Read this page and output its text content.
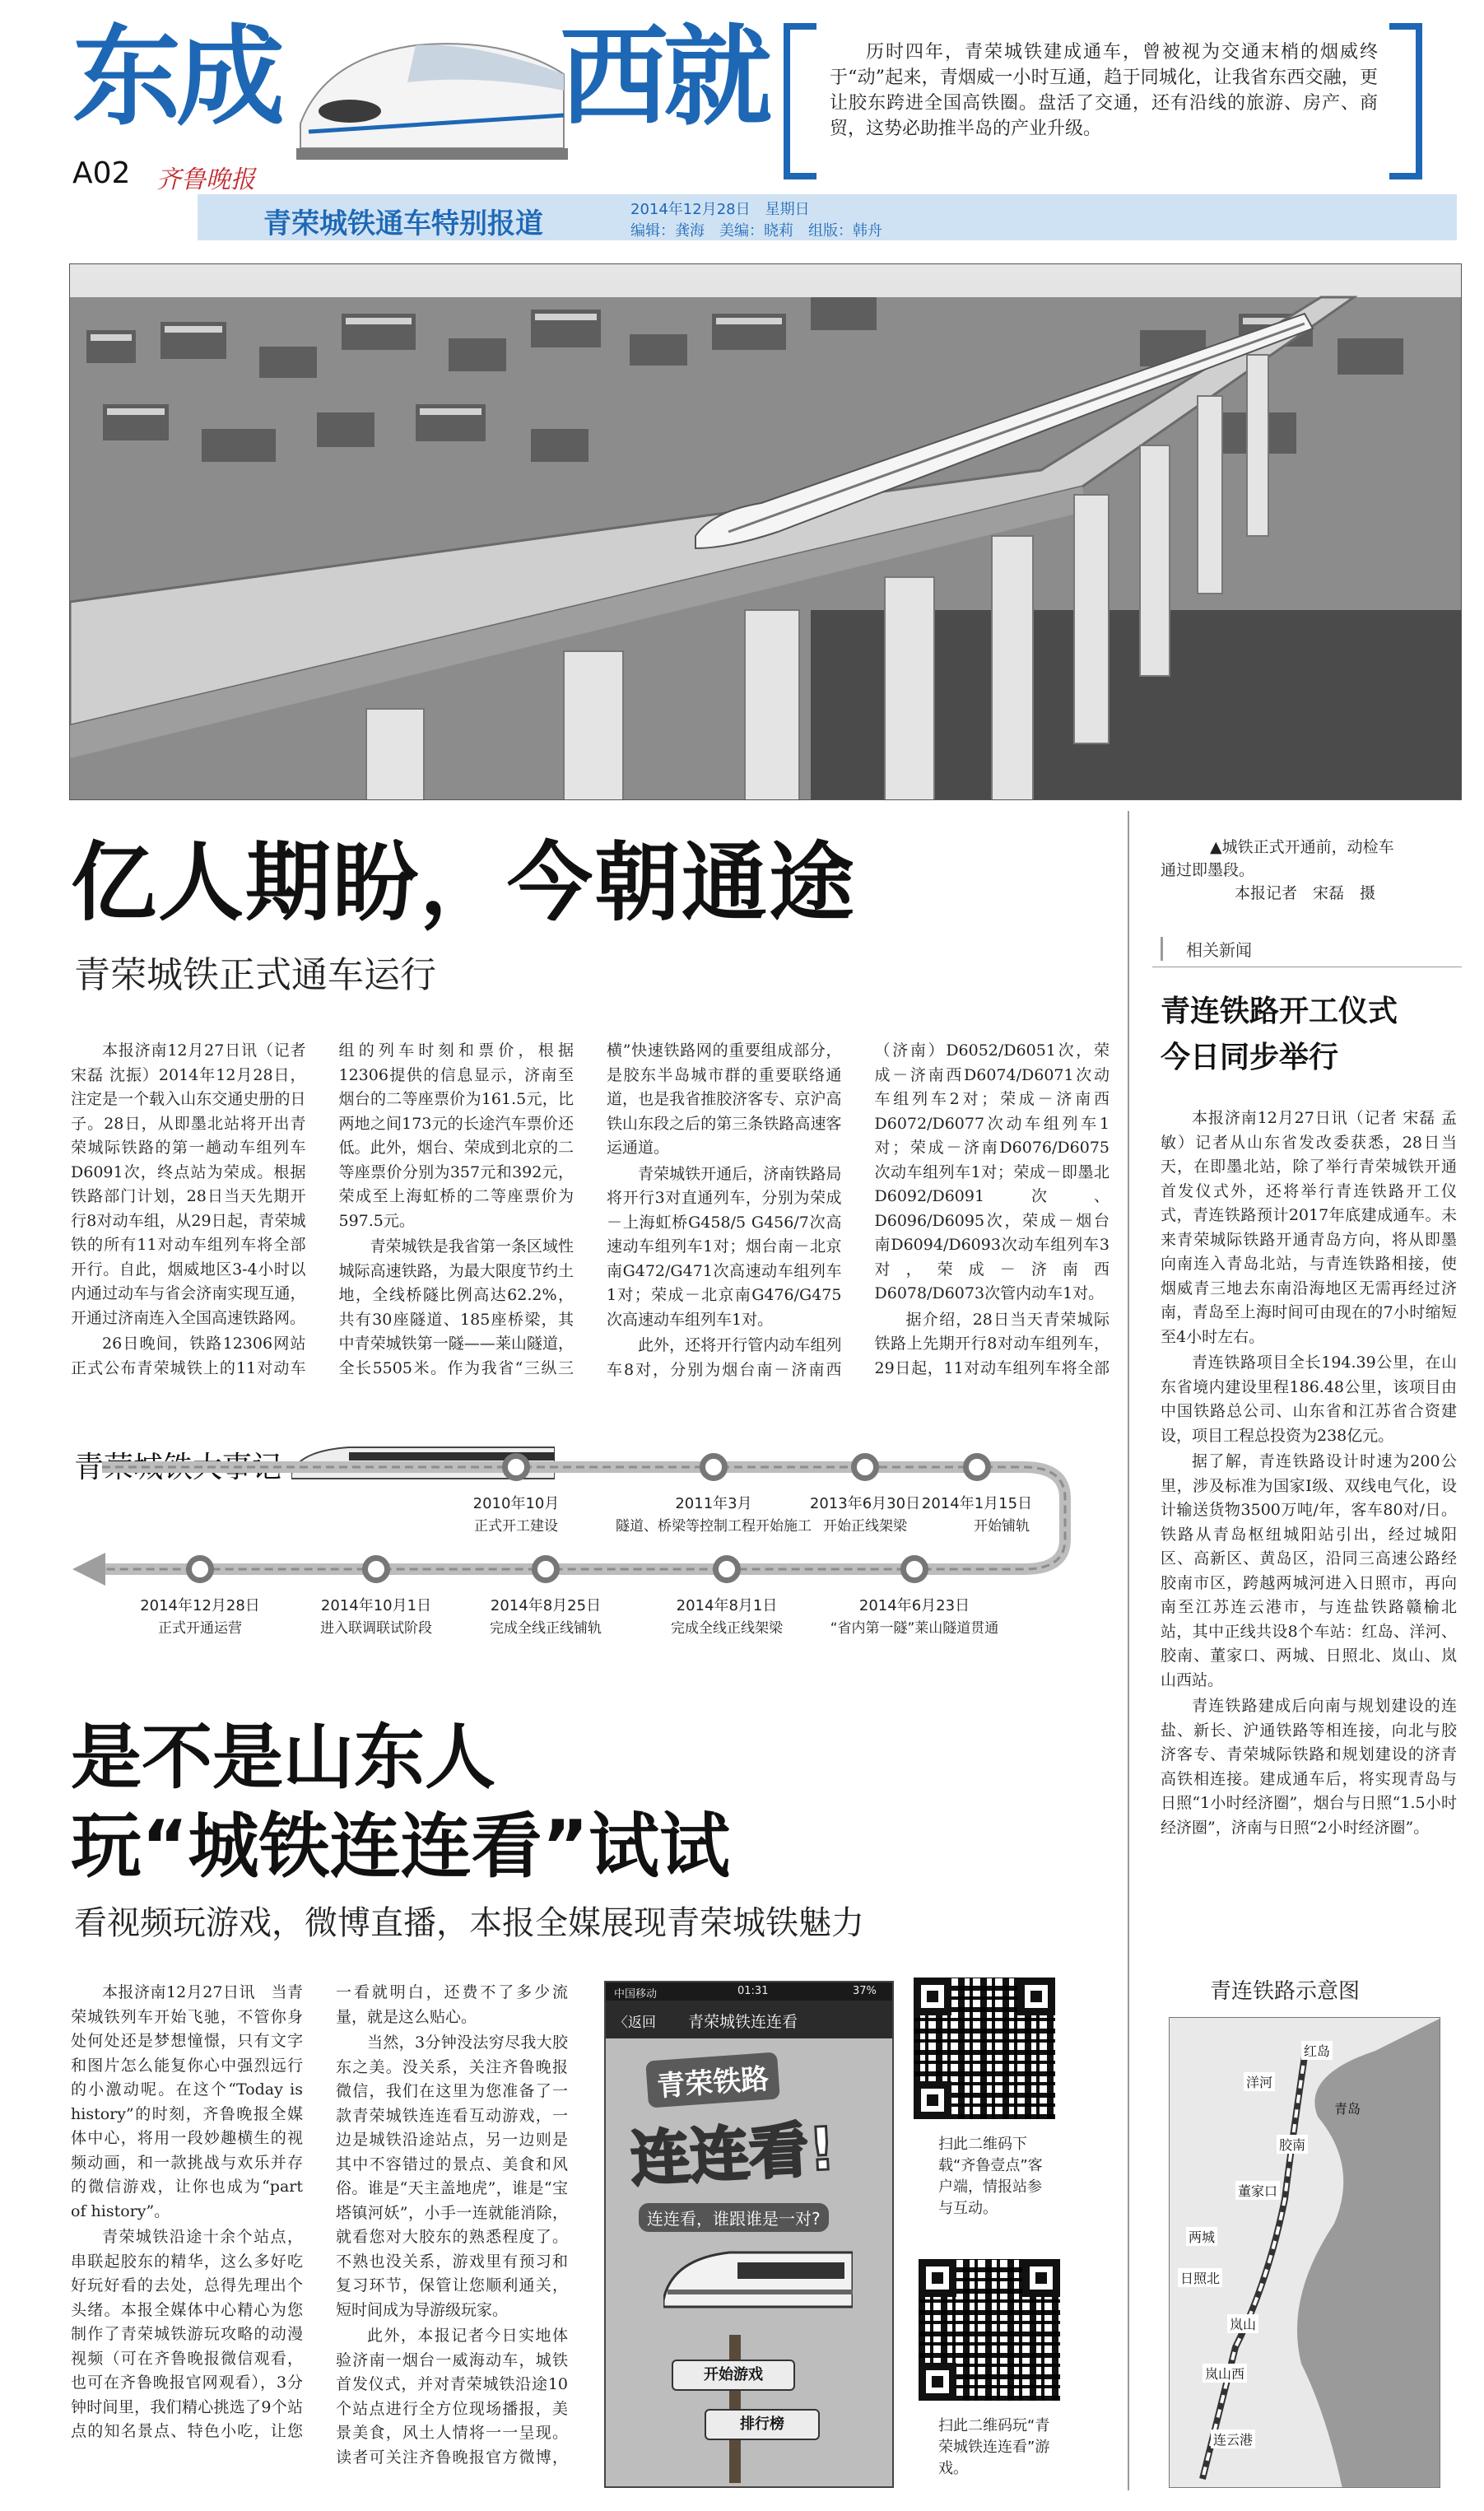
东成	西就
A02 齐鲁晚报
历时四年，青荣城铁建成通车，曾被视为交通末梢的烟威终于“动”起来，青烟威一小时互通，趋于同城化，让我省东西交融，更让胶东跨进全国高铁圈。盘活了交通，还有沿线的旅游、房产、商贸，这势必助推半岛的产业升级。
青荣城铁通车特别报道	2014年12月28日　星期日
编辑：龚海　美编：晓莉　组版：韩舟
亿人期盼，今朝通途
青荣城铁正式通车运行

本报济南12月27日讯（记者 宋磊 沈振）2014年12月28日，注定是一个载入山东交通史册的日子。28日，从即墨北站将开出青荣城际铁路的第一趟动车组列车D6091次，终点站为荣成。根据铁路部门计划，28日当天先期开行8对动车组，从29日起，青荣城铁的所有11对动车组列车将全部开行。自此，烟威地区3-4小时以内通过动车与省会济南实现互通，开通过济南连入全国高速铁路网。

26日晚间，铁路12306网站正式公布青荣城铁上的11对动车组的列车时刻和票价，根据12306提供的信息显示，济南至烟台的二等座票价为161.5元，比两地之间173元的长途汽车票价还低。此外，烟台、荣成到北京的二等座票价分别为357元和392元，荣成至上海虹桥的二等座票价为597.5元。

青荣城铁是我省第一条区域性城际高速铁路，为最大限度节约土地，全线桥隧比例高达62.2%，共有30座隧道、185座桥梁，其中青荣城铁第一隧——莱山隧道，全长5505米。作为我省“三纵三横”快速铁路网的重要组成部分，是胶东半岛城市群的重要联络通道，也是我省推胶济客专、京沪高铁山东段之后的第三条铁路高速客运通道。

青荣城铁开通后，济南铁路局将开行3对直通列车，分别为荣成－上海虹桥G458/5 G456/7次高速动车组列车1对；烟台南－北京南G472/G471次高速动车组列车1对；荣成－北京南G476/G475次高速动车组列车1对。

此外，还将开行管内动车组列车8对，分别为烟台南－济南西（济南）D6052/D6051次，荣成－济南西D6074/D6071次动车组列车2对；荣成－济南西D6072/D6077次动车组列车1对；荣成－济南D6076/D6075次动车组列车1对；荣成－即墨北D6092/D6091次、D6096/D6095次，荣成－烟台南D6094/D6093次动车组列车3对，荣成－济南西D6078/D6073次管内动车1对。

据介绍，28日当天青荣城际铁路上先期开行8对动车组列车，29日起，11对动车组列车将全部

青荣城铁大事记
2010年10月
正式开工建设
2011年3月
隧道、桥梁等控制工程开始施工
2013年6月30日
开始正线架梁
2014年1月15日
开始铺轨
2014年12月28日
正式开通运营
2014年10月1日
进入联调联试阶段
2014年8月25日
完成全线正线铺轨
2014年8月1日
完成全线正线架梁
2014年6月23日
“省内第一隧”莱山隧道贯通
是不是山东人
玩“城铁连连看”试试
看视频玩游戏，微博直播，本报全媒展现青荣城铁魅力

本报济南12月27日讯　当青荣城铁列车开始飞驰，不管你身处何处还是梦想憧憬，只有文字和图片怎么能复你心中强烈远行的小激动呢。在这个“Today is history”的时刻，齐鲁晚报全媒体中心，将用一段妙趣横生的视频动画，和一款挑战与欢乐并存的微信游戏，让你也成为“part of history”。

青荣城铁沿途十余个站点，串联起胶东的精华，这么多好吃好玩好看的去处，总得先理出个头绪。本报全媒体中心精心为您制作了青荣城铁游玩攻略的动漫视频（可在齐鲁晚报微信观看，也可在齐鲁晚报官网观看），3分钟时间里，我们精心挑选了9个站点的知名景点、特色小吃，让您一看就明白，还费不了多少流量，就是这么贴心。

当然，3分钟没法穷尽我大胶东之美。没关系，关注齐鲁晚报微信，我们在这里为您准备了一款青荣城铁连连看互动游戏，一边是城铁沿途站点，另一边则是其中不容错过的景点、美食和风俗。谁是“天主盖地虎”，谁是“宝塔镇河妖”，小手一连就能消除，就看您对大胶东的熟悉程度了。不熟也没关系，游戏里有预习和复习环节，保管让您顺利通关，短时间成为导游级玩家。

此外，本报记者今日实地体验济南一烟台一威海动车，城铁首发仪式，并对青荣城铁沿途10个站点进行全方位现场播报，美景美食，风土人情将一一呈现。读者可关注齐鲁晚报官方微博，

中国移动	01:31	37%
〈返回 青荣城铁连连看
青荣铁路
连连看!
连连看，谁跟谁是一对?
开始游戏
排行榜
扫此二维码下载“齐鲁壹点”客户端，情报站参与互动。
扫此二维码玩“青荣城铁连连看”游戏。
▲城铁正式开通前，动检车
通过即墨段。
本报记者　宋磊　摄
相关新闻
青连铁路开工仪式
今日同步举行

本报济南12月27日讯（记者 宋磊 孟敏）记者从山东省发改委获悉，28日当天，在即墨北站，除了举行青荣城铁开通首发仪式外，还将举行青连铁路开工仪式，青连铁路预计2017年底建成通车。未来青荣城际铁路开通青岛方向，将从即墨向南连入青岛北站，与青连铁路相接，使烟威青三地去东南沿海地区无需再经过济南，青岛至上海时间可由现在的7小时缩短至4小时左右。

青连铁路项目全长194.39公里，在山东省境内建设里程186.48公里，该项目由中国铁路总公司、山东省和江苏省合资建设，项目工程总投资为238亿元。

据了解，青连铁路设计时速为200公里，涉及标准为国家I级、双线电气化，设计输送货物3500万吨/年，客车80对/日。铁路从青岛枢纽城阳站引出，经过城阳区、高新区、黄岛区，沿同三高速公路经胶南市区，跨越两城河进入日照市，再向南至江苏连云港市，与连盐铁路赣榆北站，其中正线共设8个车站：红岛、洋河、胶南、董家口、两城、日照北、岚山、岚山西站。

青连铁路建成后向南与规划建设的连盐、新长、沪通铁路等相连接，向北与胶济客专、青荣城际铁路和规划建设的济青高铁相连接。建成通车后，将实现青岛与日照“1小时经济圈”，烟台与日照“1.5小时经济圈”，济南与日照“2小时经济圈”。

青连铁路示意图
红岛
洋河
青岛
胶南
董家口
两城
日照北
岚山
岚山西
连云港
